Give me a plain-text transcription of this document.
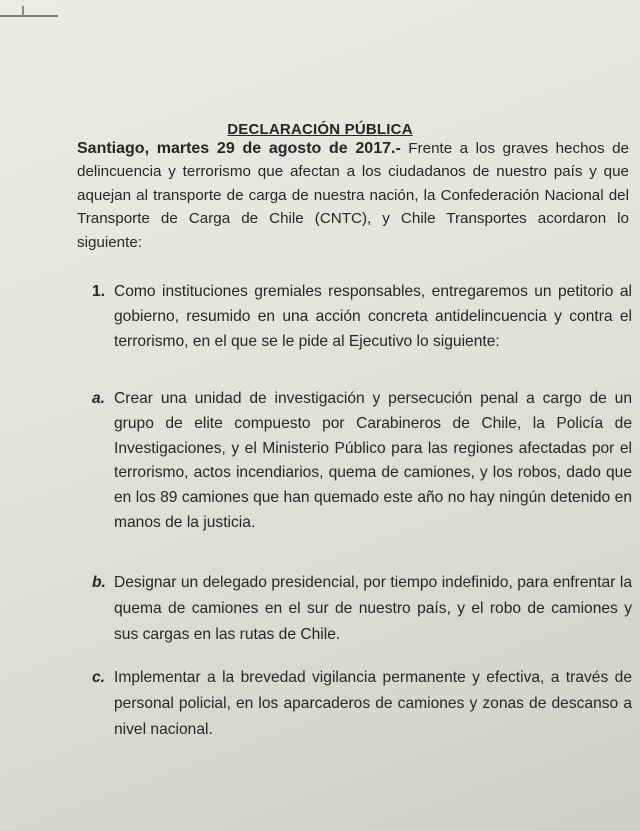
DECLARACIÓN PÚBLICA
Santiago, martes 29 de agosto de 2017.- Frente a los graves hechos de delincuencia y terrorismo que afectan a los ciudadanos de nuestro país y que aquejan al transporte de carga de nuestra nación, la Confederación Nacional del Transporte de Carga de Chile (CNTC), y Chile Transportes acordaron lo siguiente:
1. Como instituciones gremiales responsables, entregaremos un petitorio al gobierno, resumido en una acción concreta antidelincuencia y contra el terrorismo, en el que se le pide al Ejecutivo lo siguiente:
a. Crear una unidad de investigación y persecución penal a cargo de un grupo de elite compuesto por Carabineros de Chile, la Policía de Investigaciones, y el Ministerio Público para las regiones afectadas por el terrorismo, actos incendiarios, quema de camiones, y los robos, dado que en los 89 camiones que han quemado este año no hay ningún detenido en manos de la justicia.
b. Designar un delegado presidencial, por tiempo indefinido, para enfrentar la quema de camiones en el sur de nuestro país, y el robo de camiones y sus cargas en las rutas de Chile.
c. Implementar a la brevedad vigilancia permanente y efectiva, a través de personal policial, en los aparcaderos de camiones y zonas de descanso a nivel nacional.
